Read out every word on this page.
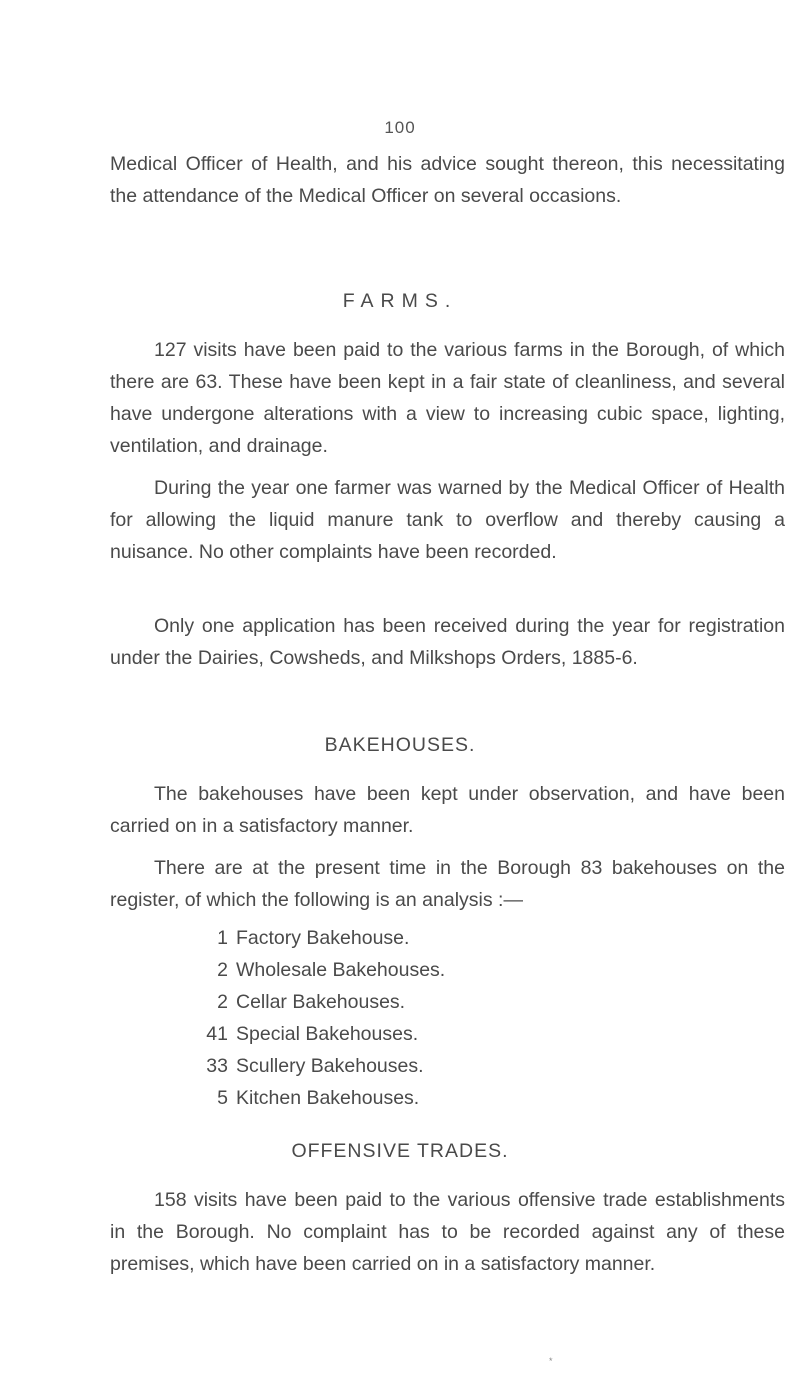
100

Medical Officer of Health, and his advice sought thereon, this necessitating the attendance of the Medical Officer on several occasions.

FARMS.

127 visits have been paid to the various farms in the Borough, of which there are 63. These have been kept in a fair state of cleanliness, and several have undergone alterations with a view to increasing cubic space, lighting, ventilation, and drainage.

During the year one farmer was warned by the Medical Officer of Health for allowing the liquid manure tank to overflow and thereby causing a nuisance. No other complaints have been recorded.

Only one application has been received during the year for registration under the Dairies, Cowsheds, and Milkshops Orders, 1885-6.

BAKEHOUSES.

The bakehouses have been kept under observation, and have been carried on in a satisfactory manner.

There are at the present time in the Borough 83 bakehouses on the register, of which the following is an analysis :—

1 Factory Bakehouse.
2 Wholesale Bakehouses.
2 Cellar Bakehouses.
41 Special Bakehouses.
33 Scullery Bakehouses.
5 Kitchen Bakehouses.
OFFENSIVE TRADES.

158 visits have been paid to the various offensive trade establishments in the Borough. No complaint has to be recorded against any of these premises, which have been carried on in a satisfactory manner.

*
